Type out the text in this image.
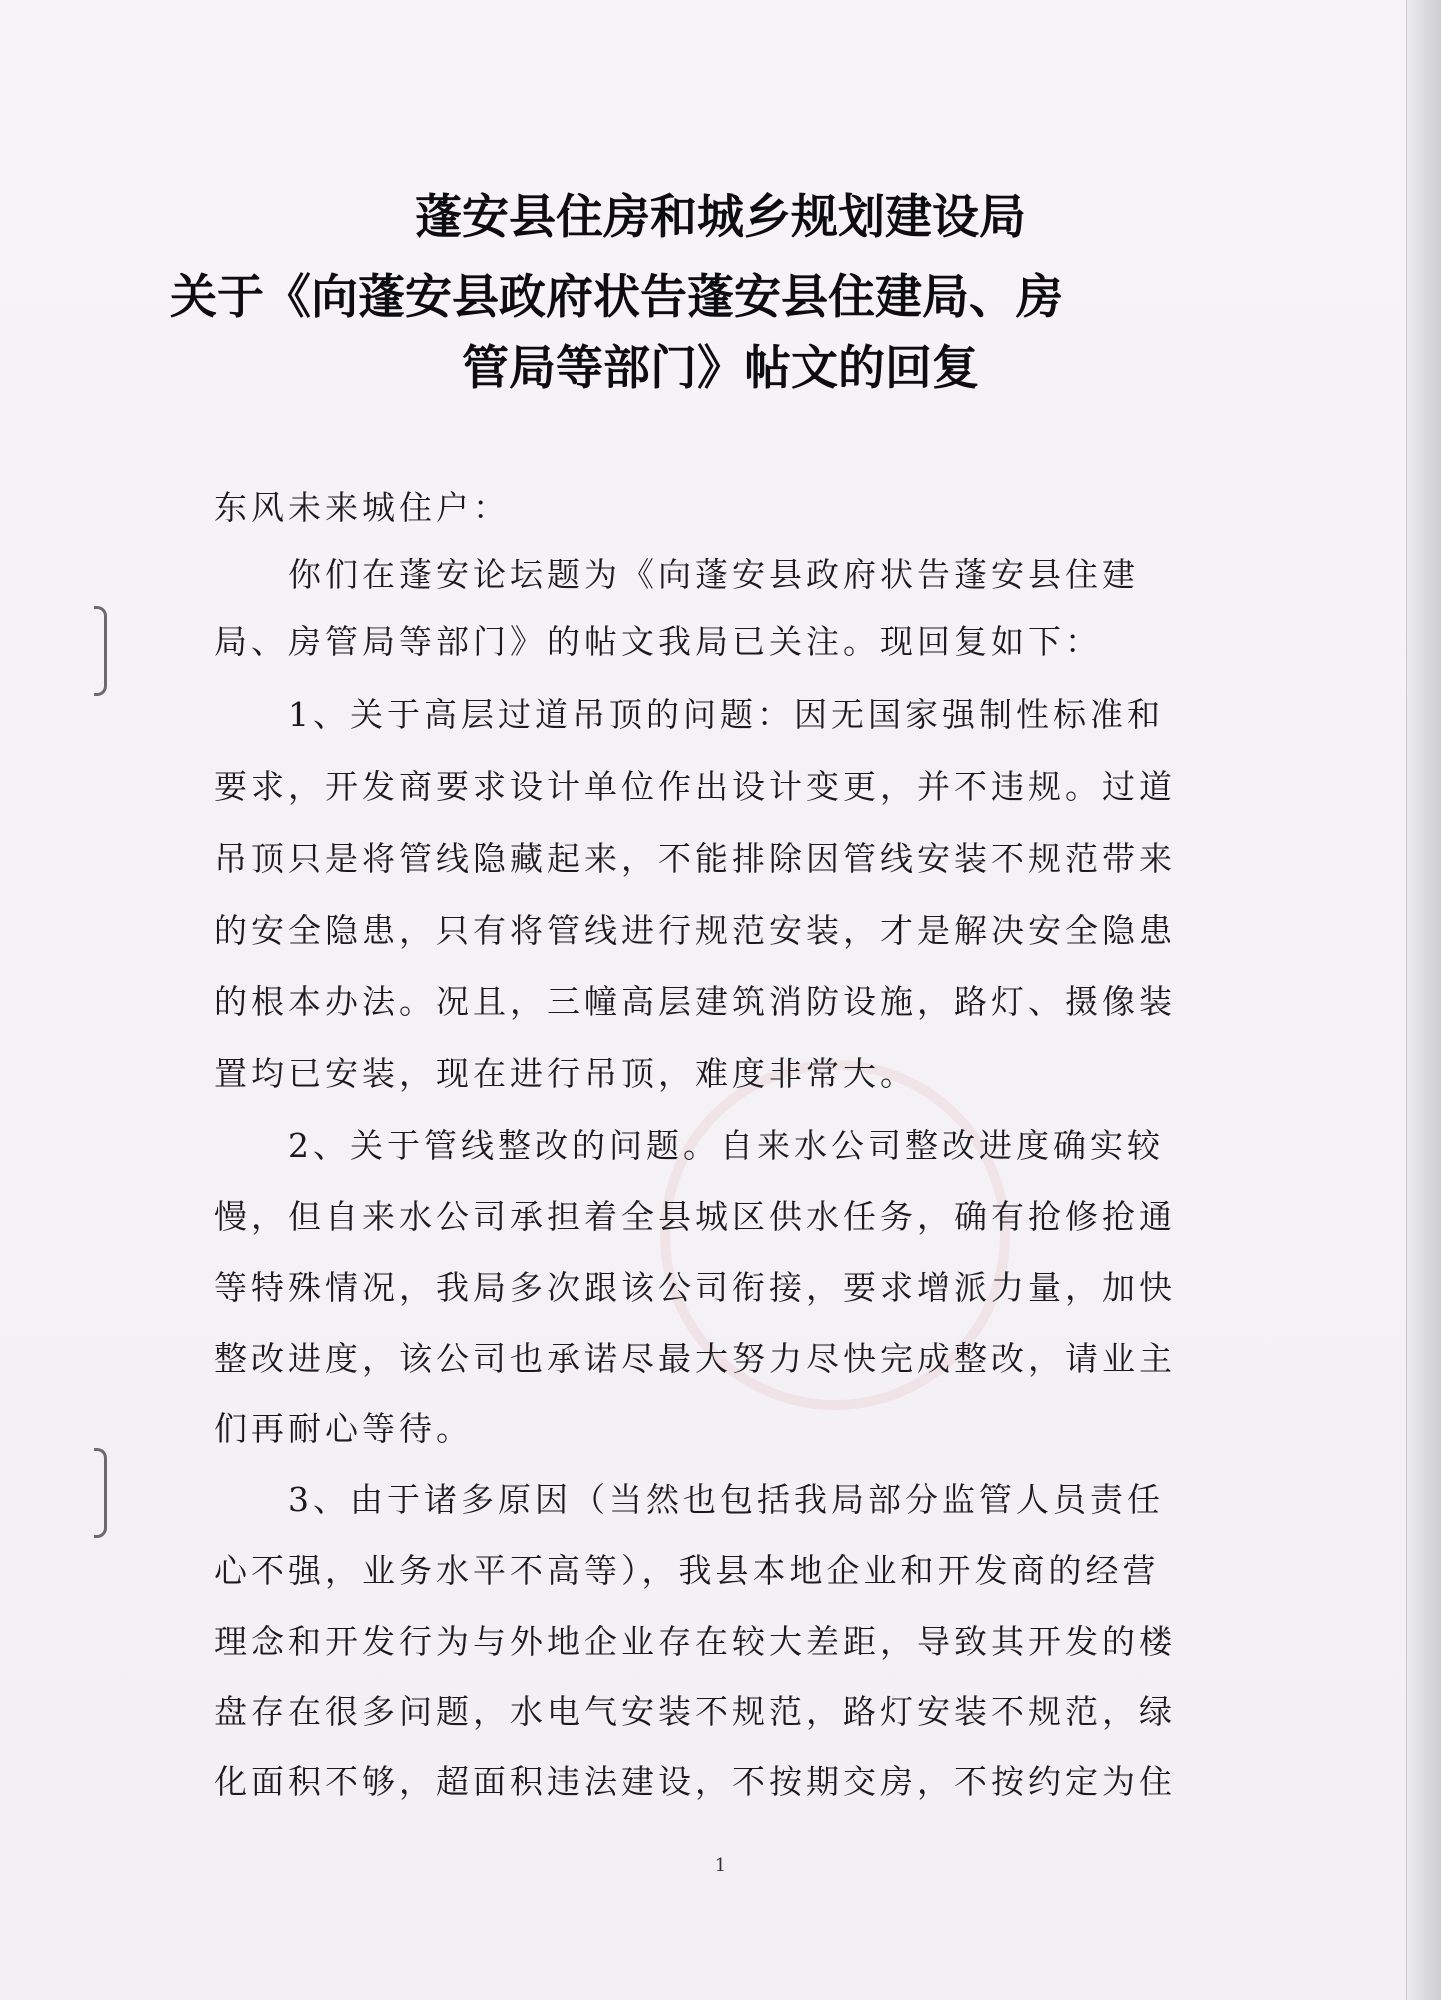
蓬安县住房和城乡规划建设局
关于《向蓬安县政府状告蓬安县住建局、房
管局等部门》帖文的回复
东风未来城住户：
　　你们在蓬安论坛题为《向蓬安县政府状告蓬安县住建
局、房管局等部门》的帖文我局已关注。现回复如下：
　　1、关于高层过道吊顶的问题：因无国家强制性标准和
要求，开发商要求设计单位作出设计变更，并不违规。过道
吊顶只是将管线隐藏起来，不能排除因管线安装不规范带来
的安全隐患，只有将管线进行规范安装，才是解决安全隐患
的根本办法。况且，三幢高层建筑消防设施，路灯、摄像装
置均已安装，现在进行吊顶，难度非常大。
　　2、关于管线整改的问题。自来水公司整改进度确实较
慢，但自来水公司承担着全县城区供水任务，确有抢修抢通
等特殊情况，我局多次跟该公司衔接，要求增派力量，加快
整改进度，该公司也承诺尽最大努力尽快完成整改，请业主
们再耐心等待。
　　3、由于诸多原因（当然也包括我局部分监管人员责任
心不强，业务水平不高等），我县本地企业和开发商的经营
理念和开发行为与外地企业存在较大差距，导致其开发的楼
盘存在很多问题，水电气安装不规范，路灯安装不规范，绿
化面积不够，超面积违法建设，不按期交房，不按约定为住
1
